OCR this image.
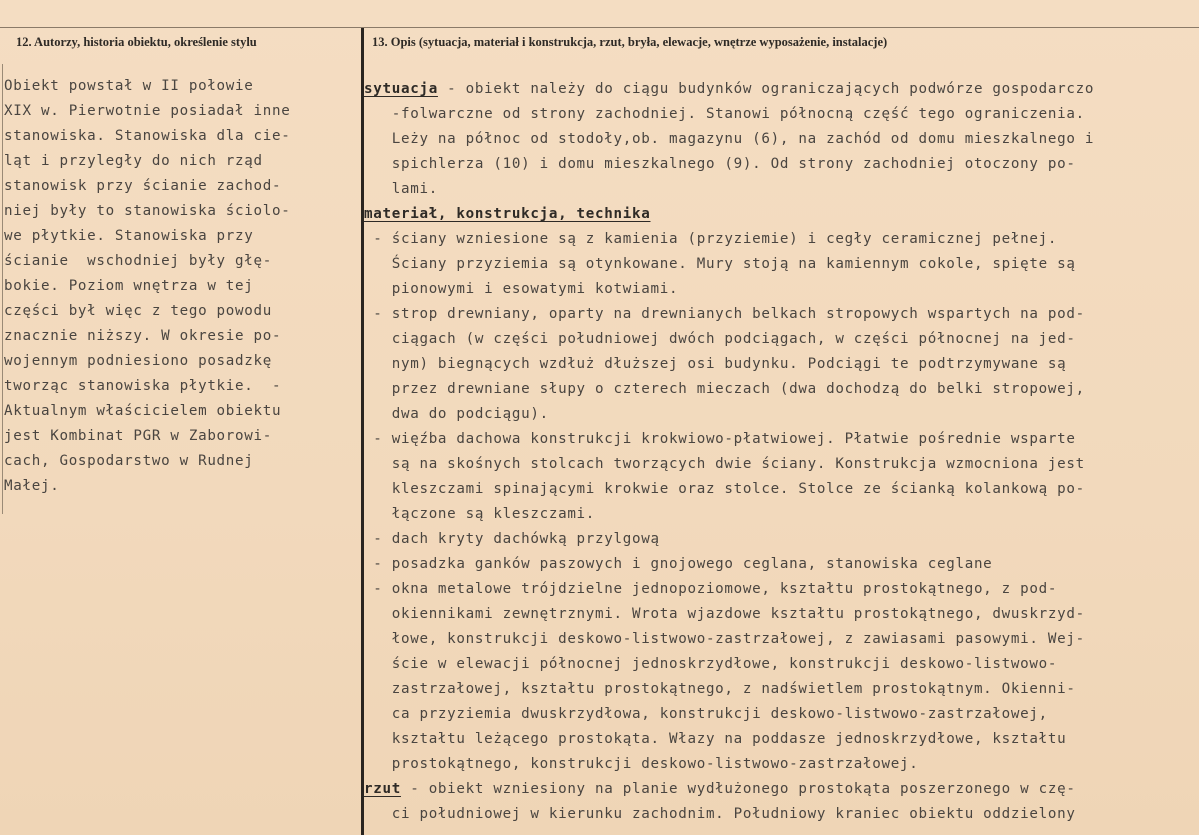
12. Autorzy, historia obiektu, określenie stylu	13. Opis (sytuacja, materiał i konstrukcja, rzut, bryła, elewacje, wnętrze wyposażenie, instalacje)
Obiekt powstał w II połowie
XIX w. Pierwotnie posiadał inne
stanowiska. Stanowiska dla cie-
ląt i przyległy do nich rząd
stanowisk przy ścianie zachod-
niej były to stanowiska ściolo-
we płytkie. Stanowiska przy
ścianie  wschodniej były głę-
bokie. Poziom wnętrza w tej
części był więc z tego powodu
znacznie niższy. W okresie po-
wojennym podniesiono posadzkę
tworząc stanowiska płytkie.  -
Aktualnym właścicielem obiektu
jest Kombinat PGR w Zaborowi-
cach, Gospodarstwo w Rudnej
Małej.
sytuacja - obiekt należy do ciągu budynków ograniczających podwórze gospodarczo
-folwarczne od strony zachodniej. Stanowi północną część tego ograniczenia.
Leży na północ od stodoły,ob. magazynu (6), na zachód od domu mieszkalnego i
spichlerza (10) i domu mieszkalnego (9). Od strony zachodniej otoczony po-
lami.
materiał, konstrukcja, technika
- ściany wzniesione są z kamienia (przyziemie) i cegły ceramicznej pełnej.
Ściany przyziemia są otynkowane. Mury stoją na kamiennym cokole, spięte są
pionowymi i esowatymi kotwiami.
- strop drewniany, oparty na drewnianych belkach stropowych wspartych na pod-
ciągach (w części południowej dwóch podciągach, w części północnej na jed-
nym) biegnących wzdłuż dłuższej osi budynku. Podciągi te podtrzymywane są
przez drewniane słupy o czterech mieczach (dwa dochodzą do belki stropowej,
dwa do podciągu).
- więźba dachowa konstrukcji krokwiowo-płatwiowej. Płatwie pośrednie wsparte
są na skośnych stolcach tworzących dwie ściany. Konstrukcja wzmocniona jest
kleszczami spinającymi krokwie oraz stolce. Stolce ze ścianką kolankową po-
łączone są kleszczami.
- dach kryty dachówką przylgową
- posadzka ganków paszowych i gnojowego ceglana, stanowiska ceglane
- okna metalowe trójdzielne jednopoziomowe, kształtu prostokątnego, z pod-
okiennikami zewnętrznymi. Wrota wjazdowe kształtu prostokątnego, dwuskrzyd-
łowe, konstrukcji deskowo-listwowo-zastrzałowej, z zawiasami pasowymi. Wej-
ście w elewacji północnej jednoskrzydłowe, konstrukcji deskowo-listwowo-
zastrzałowej, kształtu prostokątnego, z nadświetlem prostokątnym. Okienni-
ca przyziemia dwuskrzydłowa, konstrukcji deskowo-listwowo-zastrzałowej,
kształtu leżącego prostokąta. Włazy na poddasze jednoskrzydłowe, kształtu
prostokątnego, konstrukcji deskowo-listwowo-zastrzałowej.
rzut - obiekt wzniesiony na planie wydłużonego prostokąta poszerzonego w czę-
ci południowej w kierunku zachodnim. Południowy kraniec obiektu oddzielony
